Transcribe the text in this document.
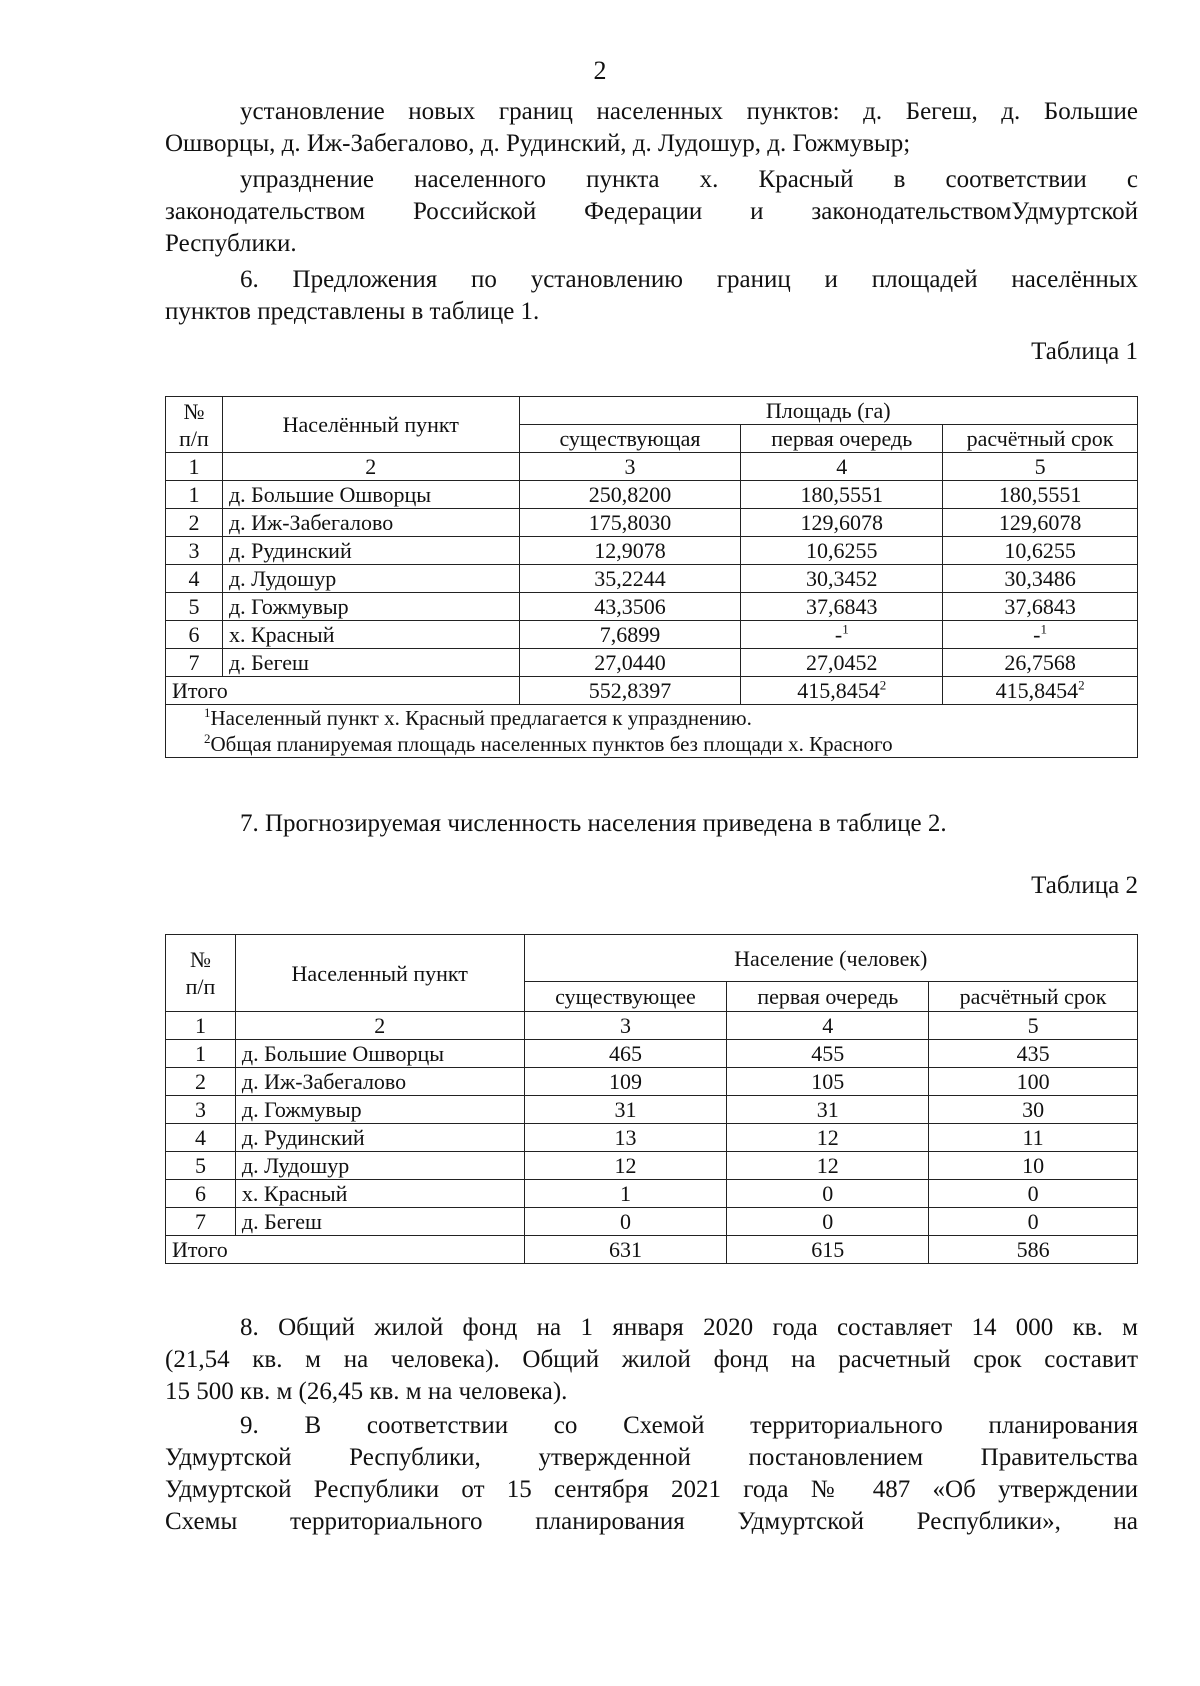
2

установление новых границ населенных пунктов: д. Бегеш, д. Большие

Ошворцы, д. Иж-Забегалово, д. Рудинский, д. Лудошур, д. Гожмувыр;

упразднение населенного пункта х. Красный в соответствии с

законодательством Российской Федерации и законодательствомУдмуртской

Республики.

6. Предложения по установлению границ и площадей населённых

пунктов представлены в таблице 1.

Таблица 1
№
п/п	Населённый пункт	Площадь (га)		
		существующая	первая очередь	расчётный срок
1	2	3	4	5
1	д. Большие Ошворцы	250,8200	180,5551	180,5551
2	д. Иж-Забегалово	175,8030	129,6078	129,6078
3	д. Рудинский	12,9078	10,6255	10,6255
4	д. Лудошур	35,2244	30,3452	30,3486
5	д. Гожмувыр	43,3506	37,6843	37,6843
6	х. Красный	7,6899	-$^1$	-$^1$
7	д. Бегеш	27,0440	27,0452	26,7568
Итого		552,8397	415,8454$^2$	415,8454$^2$

$^1$Населенный пункт х. Красный предлагается к упразднению.
$^2$Общая планируемая площадь населенных пунктов без площади х. Красного				

7. Прогнозируемая численность населения приведена в таблице 2.

Таблица 2
№
п/п	Населенный пункт	Население (человек)		
		существующее	первая очередь	расчётный срок
1	2	3	4	5
1	д. Большие Ошворцы	465	455	435
2	д. Иж-Забегалово	109	105	100
3	д. Гожмувыр	31	31	30
4	д. Рудинский	13	12	11
5	д. Лудошур	12	12	10
6	х. Красный	1	0	0
7	д. Бегеш	0	0	0
Итого		631	615	586

8. Общий жилой фонд на 1 января 2020 года составляет 14 000 кв. м

(21,54 кв. м на человека). Общий жилой фонд на расчетный срок составит

15 500 кв. м (26,45 кв. м на человека).

9. В соответствии со Схемой территориального планирования

Удмуртской Республики, утвержденной постановлением Правительства

Удмуртской Республики от 15 сентября 2021 года № 487 «Об утверждении

Схемы территориального планирования Удмуртской Республики», на
